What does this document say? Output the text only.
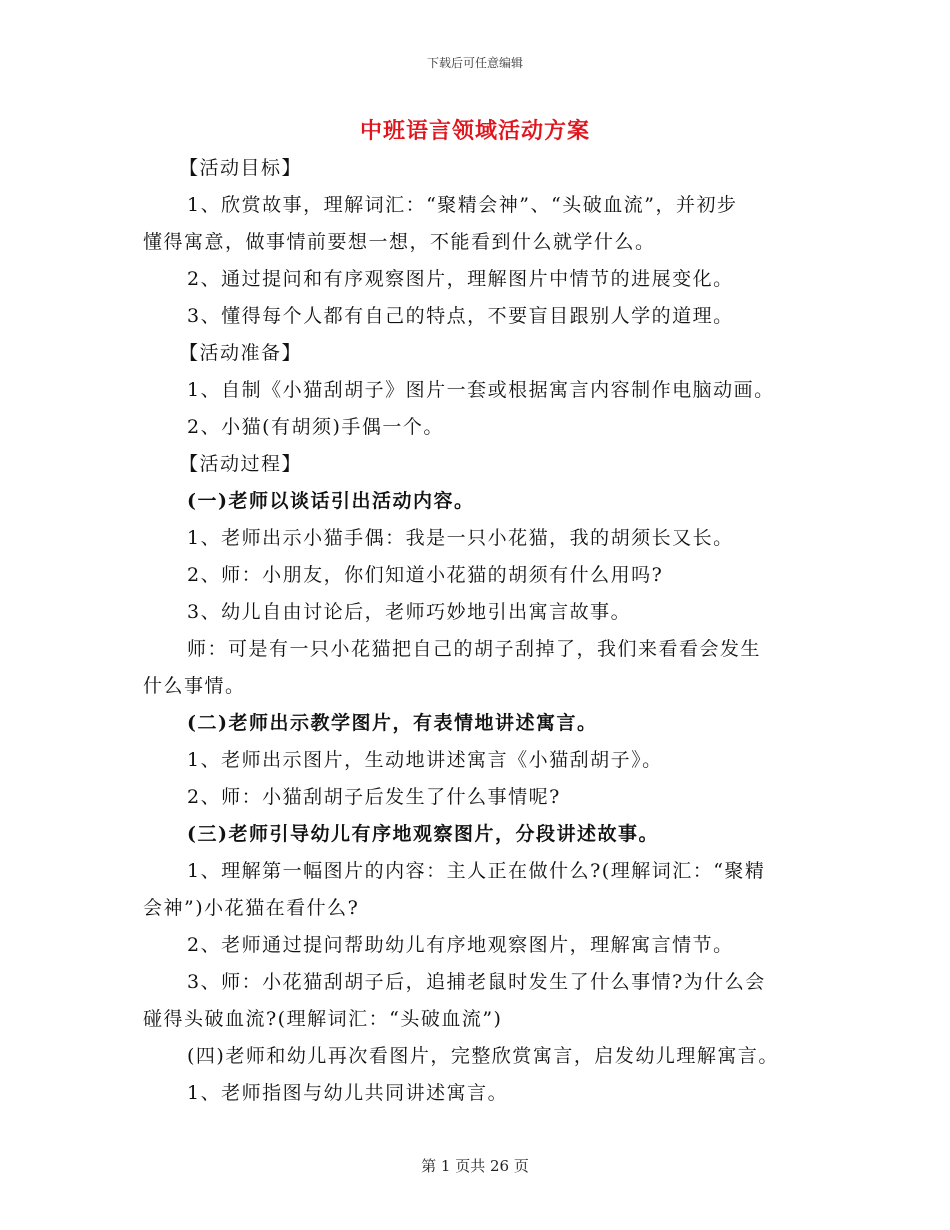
下载后可任意编辑
中班语言领域活动方案
【活动目标】
1、欣赏故事，理解词汇：“聚精会神”、“头破血流”，并初步
懂得寓意，做事情前要想一想，不能看到什么就学什么。
2、通过提问和有序观察图片，理解图片中情节的进展变化。
3、懂得每个人都有自己的特点，不要盲目跟别人学的道理。
【活动准备】
1、自制《小猫刮胡子》图片一套或根据寓言内容制作电脑动画。
2、小猫(有胡须)手偶一个。
【活动过程】
(一)老师以谈话引出活动内容。
1、老师出示小猫手偶：我是一只小花猫，我的胡须长又长。
2、师：小朋友，你们知道小花猫的胡须有什么用吗?
3、幼儿自由讨论后，老师巧妙地引出寓言故事。
师：可是有一只小花猫把自己的胡子刮掉了，我们来看看会发生
什么事情。
(二)老师出示教学图片，有表情地讲述寓言。
1、老师出示图片，生动地讲述寓言《小猫刮胡子》。
2、师：小猫刮胡子后发生了什么事情呢?
(三)老师引导幼儿有序地观察图片，分段讲述故事。
1、理解第一幅图片的内容：主人正在做什么?(理解词汇：“聚精
会神”)小花猫在看什么?
2、老师通过提问帮助幼儿有序地观察图片，理解寓言情节。
3、师：小花猫刮胡子后，追捕老鼠时发生了什么事情?为什么会
碰得头破血流?(理解词汇：“头破血流”)
(四)老师和幼儿再次看图片，完整欣赏寓言，启发幼儿理解寓言。
1、老师指图与幼儿共同讲述寓言。
第 1 页共 26 页
